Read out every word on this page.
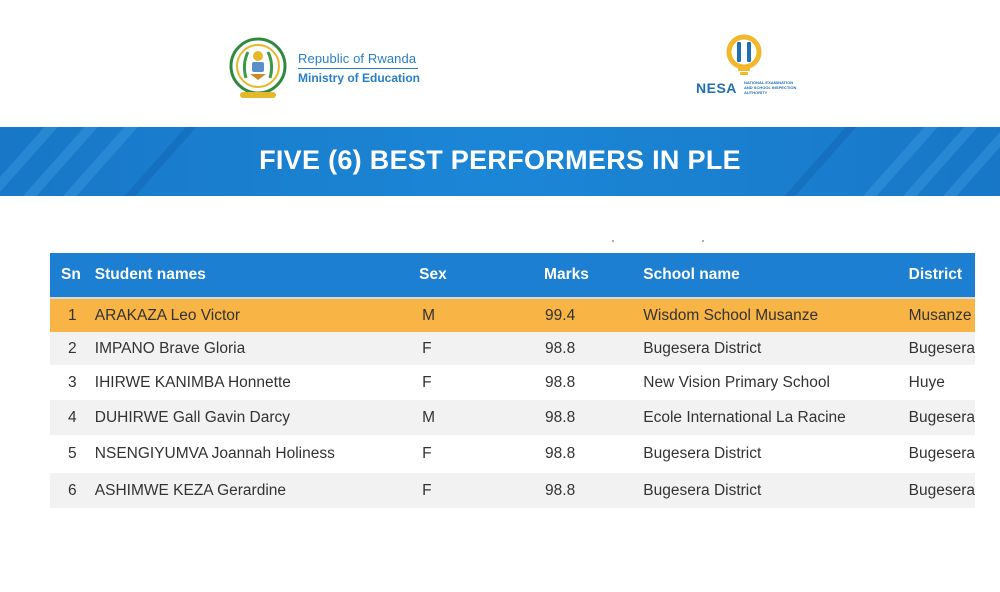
Republic of Rwanda
Ministry of Education
NESA NATIONAL EXAMINATION AND SCHOOL INSPECTION AUTHORITY
FIVE (6) BEST PERFORMERS IN PLE
Sn	Student names	Sex	Marks	School name	District
1	ARAKAZA Leo Victor	M	99.4	Wisdom School Musanze	Musanze
2	IMPANO Brave Gloria	F	98.8	Bugesera District	Bugesera
3	IHIRWE KANIMBA Honnette	F	98.8	New Vision Primary School	Huye
4	DUHIRWE Gall Gavin Darcy	M	98.8	Ecole International La Racine	Bugesera
5	NSENGIYUMVA Joannah Holiness	F	98.8	Bugesera District	Bugesera
6	ASHIMWE KEZA Gerardine	F	98.8	Bugesera District	Bugesera
